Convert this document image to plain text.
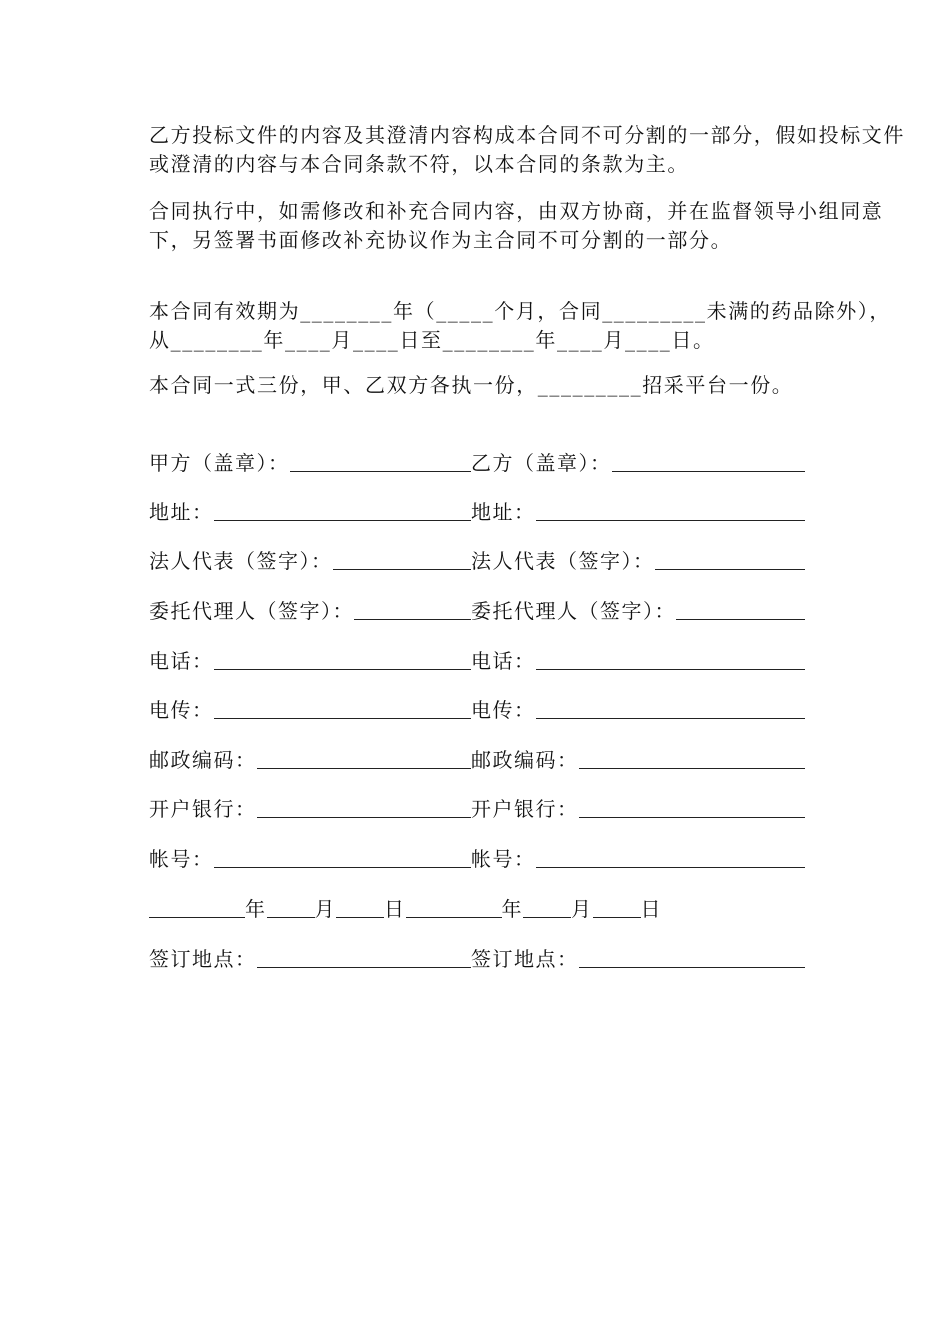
乙方投标文件的内容及其澄清内容构成本合同不可分割的一部分，假如投标文件或澄清的内容与本合同条款不符，以本合同的条款为主。

合同执行中，如需修改和补充合同内容，由双方协商，并在监督领导小组同意下，另签署书面修改补充协议作为主合同不可分割的一部分。

本合同有效期为________年（_____个月，合同_________未满的药品除外），从________年____月____日至________年____月____日。

本合同一式三份，甲、乙双方各执一份，_________招采平台一份。

甲方（盖章）：	乙方（盖章）：
地址：	地址：
法人代表（签字）：	法人代表（签字）：
委托代理人（签字）：	委托代理人（签字）：
电话：	电话：
电传：	电传：
邮政编码：	邮政编码：
开户银行：	开户银行：
帐号：	帐号：
年 月 日	年 月 日
签订地点：	签订地点：
